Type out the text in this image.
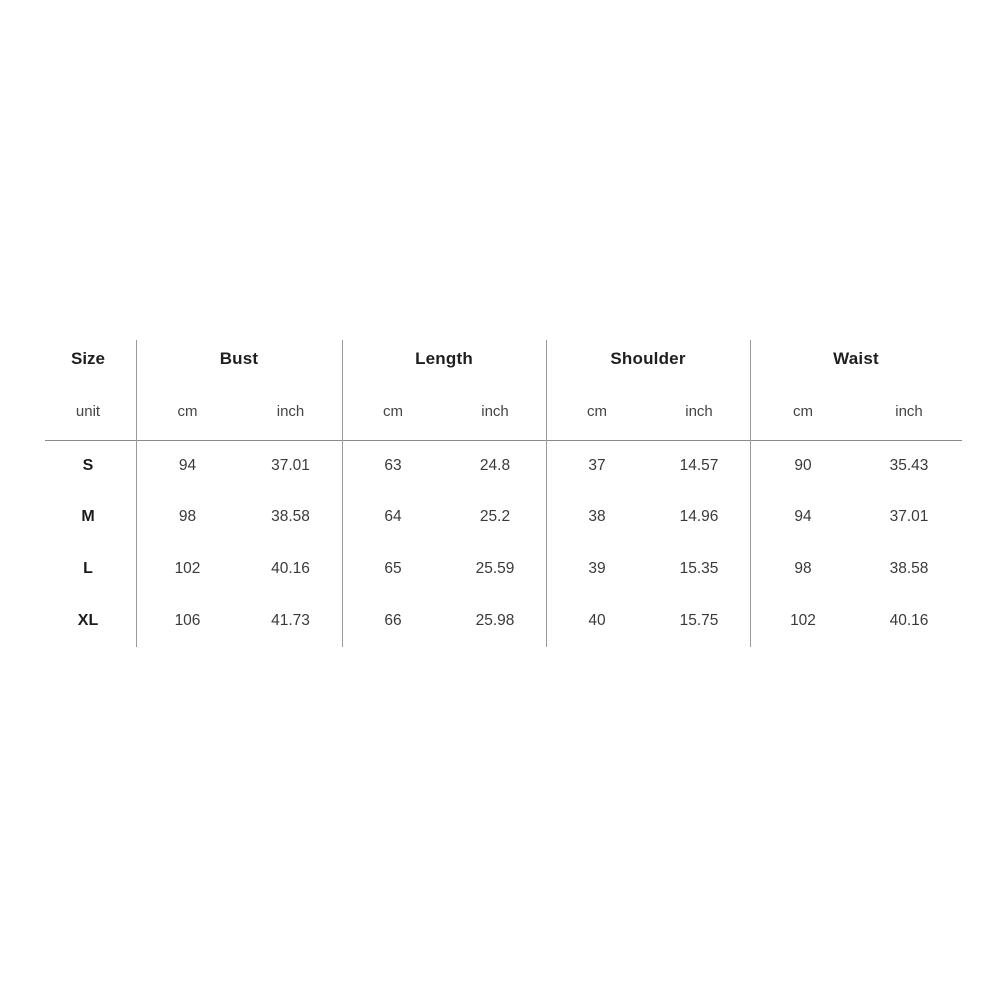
Size	Bust	Length	Shoulder	Waist
unit	cm	inch	cm	inch	cm	inch	cm	inch
S	94	37.01	63	24.8	37	14.57	90	35.43
M	98	38.58	64	25.2	38	14.96	94	37.01
L	102	40.16	65	25.59	39	15.35	98	38.58
XL	106	41.73	66	25.98	40	15.75	102	40.16
